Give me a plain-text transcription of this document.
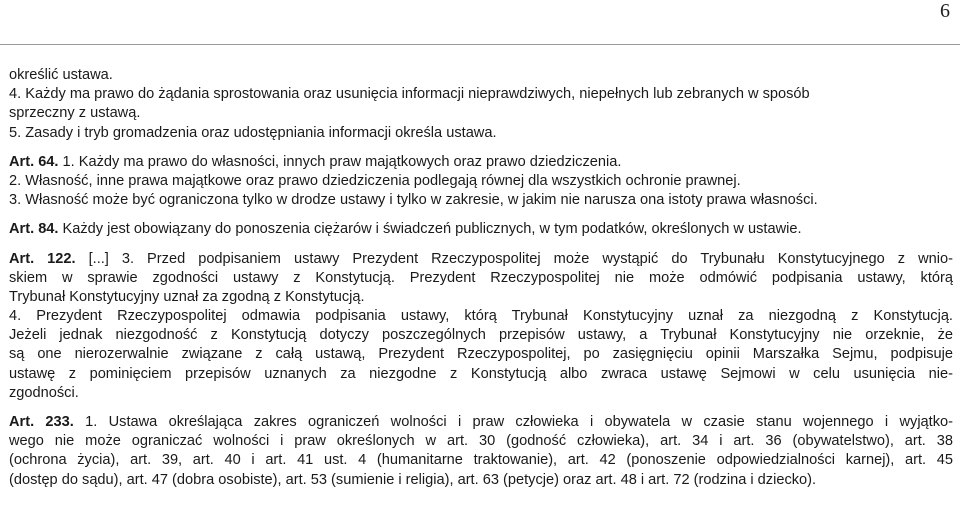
6
określić ustawa.
4. Każdy ma prawo do żądania sprostowania oraz usunięcia informacji nieprawdziwych, niepełnych lub zebranych w sposób
sprzeczny z ustawą.
5. Zasady i tryb gromadzenia oraz udostępniania informacji określa ustawa.
Art. 64. 1. Każdy ma prawo do własności, innych praw majątkowych oraz prawo dziedziczenia.
2. Własność, inne prawa majątkowe oraz prawo dziedziczenia podlegają równej dla wszystkich ochronie prawnej.
3. Własność może być ograniczona tylko w drodze ustawy i tylko w zakresie, w jakim nie narusza ona istoty prawa własności.
Art. 84. Każdy jest obowiązany do ponoszenia ciężarów i świadczeń publicznych, w tym podatków, określonych w ustawie.
Art. 122. [...] 3. Przed podpisaniem ustawy Prezydent Rzeczypospolitej może wystąpić do Trybunału Konstytucyjnego z wnio-
skiem w sprawie zgodności ustawy z Konstytucją. Prezydent Rzeczypospolitej nie może odmówić podpisania ustawy, którą
Trybunał Konstytucyjny uznał za zgodną z Konstytucją.
4. Prezydent Rzeczypospolitej odmawia podpisania ustawy, którą Trybunał Konstytucyjny uznał za niezgodną z Konstytucją.
Jeżeli jednak niezgodność z Konstytucją dotyczy poszczególnych przepisów ustawy, a Trybunał Konstytucyjny nie orzeknie, że
są one nierozerwalnie związane z całą ustawą, Prezydent Rzeczypospolitej, po zasięgnięciu opinii Marszałka Sejmu, podpisuje
ustawę z pominięciem przepisów uznanych za niezgodne z Konstytucją albo zwraca ustawę Sejmowi w celu usunięcia nie-
zgodności.
Art. 233. 1. Ustawa określająca zakres ograniczeń wolności i praw człowieka i obywatela w czasie stanu wojennego i wyjątko-
wego nie może ograniczać wolności i praw określonych w art. 30 (godność człowieka), art. 34 i art. 36 (obywatelstwo), art. 38
(ochrona życia), art. 39, art. 40 i art. 41 ust. 4 (humanitarne traktowanie), art. 42 (ponoszenie odpowiedzialności karnej), art. 45
(dostęp do sądu), art. 47 (dobra osobiste), art. 53 (sumienie i religia), art. 63 (petycje) oraz art. 48 i art. 72 (rodzina i dziecko).
